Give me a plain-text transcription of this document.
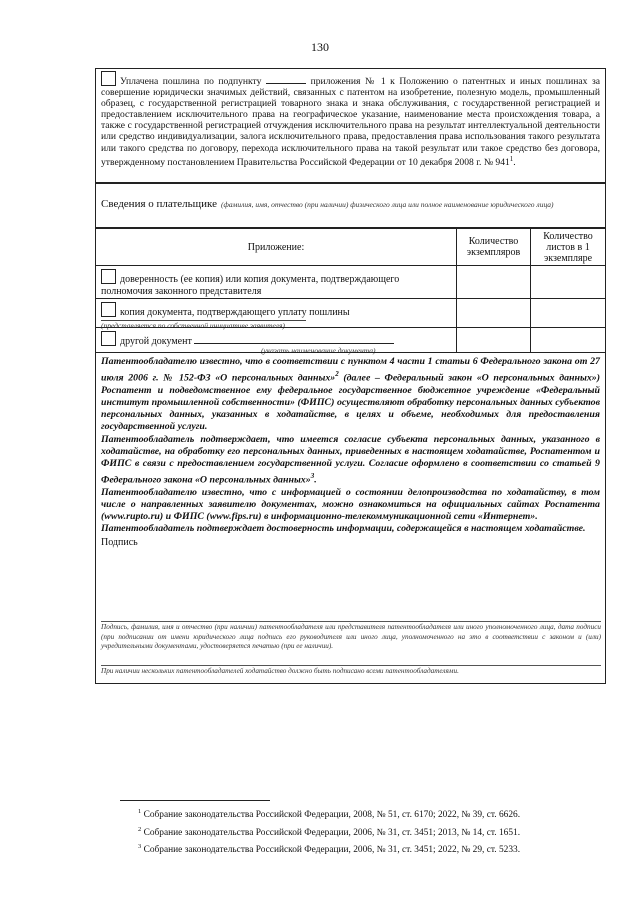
130
Уплачена пошлина по подпункту	приложения № 1 к Положению о патентных и иных пошлинах за совершение юридически значимых действий, связанных с патентом на изобретение, полезную модель, промышленный образец, с государственной регистрацией товарного знака и знака обслуживания, с государственной регистрацией и предоставлением исключительного права на географическое указание, наименование места происхождения товара, а также с государственной регистрацией отчуждения исключительного права на результат интеллектуальной деятельности или средство индивидуализации, залога исключительного права, предоставления права использования такого результата или такого средства по договору, перехода исключительного права на такой результат или такое средство без договора, утвержденному постановлением Правительства Российской Федерации от 10 декабря 2008 г. № $941^1$.
Сведения о плательщике (фамилия, имя, отчество (при наличии) физического лица или полное наименование юридического лица)
Приложение:	Количество экземпляров
Количество листов в 1 экземпляре
доверенность (ее копия) или копия документа, подтверждающего полномочия законного представителя
копия документа, подтверждающего уплату пошлины
(представляется по собственной инициативе заявителя)
другой документ
(указать наименование документа)

Патентообладателю известно, что в соответствии с пунктом 4 части 1 статьи 6 Федерального закона от 27 июля 2006 г. № 152-ФЗ «О персональных данных»$^2$ (далее – Федеральный закон «О персональных данных») Роспатент и подведомственное ему федеральное государственное бюджетное учреждение «Федеральный институт промышленной собственности» (ФИПС) осуществляют обработку персональных данных субъектов персональных данных, указанных в ходатайстве, в целях и объеме, необходимых для предоставления государственной услуги.

Патентообладатель подтверждает, что имеется согласие субъекта персональных данных, указанного в ходатайстве, на обработку его персональных данных, приведенных в настоящем ходатайстве, Роспатентом и ФИПС в связи с предоставлением государственной услуги. Согласие оформлено в соответствии со статьей 9 Федерального закона «О персональных данных»$^3$.

Патентообладателю известно, что с информацией о состоянии делопроизводства по ходатайству, в том числе о направленных заявителю документах, можно ознакомиться на официальных сайтах Роспатента (www.rupto.ru) и ФИПС (www.fips.ru) в информационно-телекоммуникационной сети «Интернет».

Патентообладатель подтверждает достоверность информации, содержащейся в настоящем ходатайстве.

Подпись
Подпись, фамилия, имя и отчество (при наличии) патентообладателя или представителя патентообладателя или иного уполномоченного лица, дата подписи (при подписании от имени юридического лица подпись его руководителя или иного лица, уполномоченного на это в соответствии с законом и (или) учредительными документами, удостоверяется печатью (при ее наличии).
При наличии нескольких патентообладателей ходатайство должно быть подписано всеми патентообладателями.
$^1$ Собрание законодательства Российской Федерации, 2008, № 51, ст. 6170; 2022, № 39, ст. 6626.
$^2$ Собрание законодательства Российской Федерации, 2006, № 31, ст. 3451; 2013, № 14, ст. 1651.
$^3$ Собрание законодательства Российской Федерации, 2006, № 31, ст. 3451; 2022, № 29, ст. 5233.
